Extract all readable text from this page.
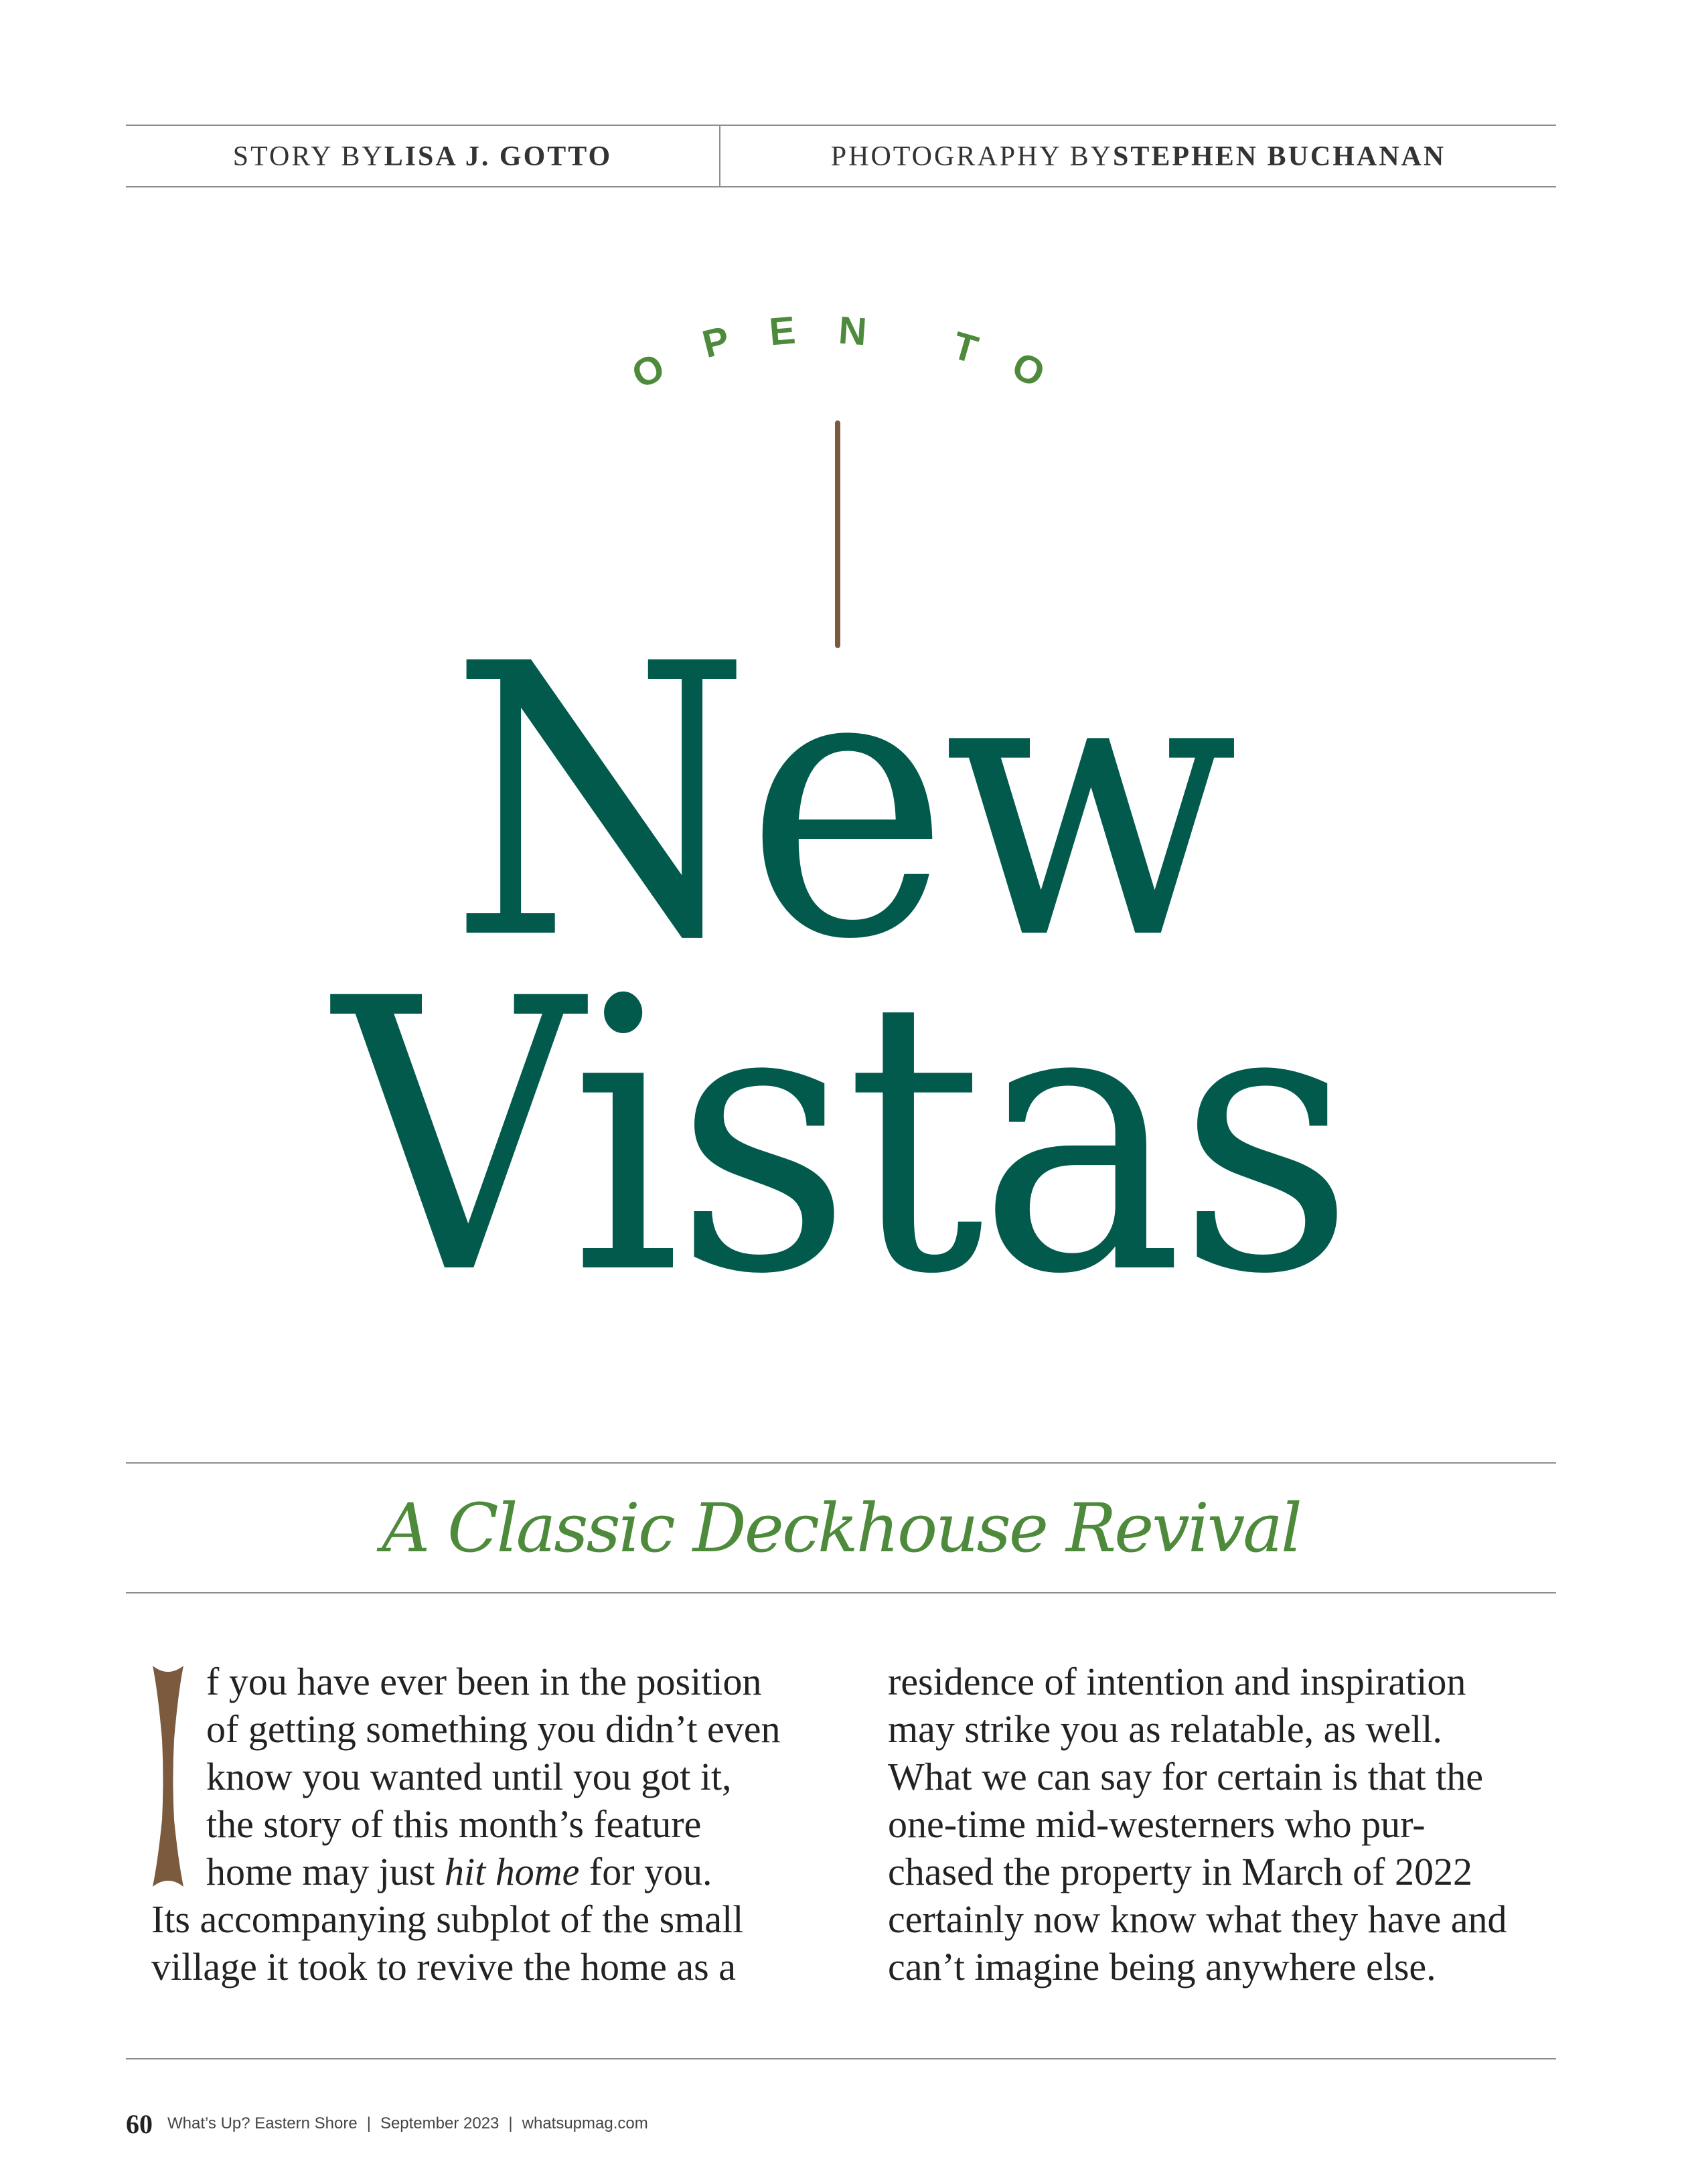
STORY BY LISA J. GOTTO	PHOTOGRAPHY BY STEPHEN BUCHANAN
O
P E N T O
New
Vistas
A Classic Deckhouse Revival
f you have ever been in the position
of getting something you didn’t even
know you wanted until you got it,
the story of this month’s feature
home may just hit home for you.
Its accompanying subplot of the small
village it took to revive the home as a
residence of intention and inspiration
may strike you as relatable, as well.
What we can say for certain is that the
one-time mid-westerners who pur-
chased the property in March of 2022
certainly now know what they have and
can’t imagine being anywhere else.
60 What’s Up? Eastern Shore | September 2023 | whatsupmag.com
